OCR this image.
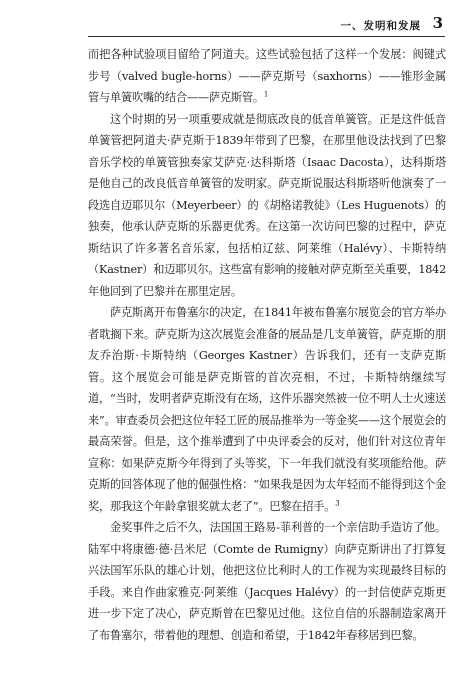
一、发明和发展 3

而把各种试验项目留给了阿道夫。这些试验包括了这样一个发展：阀键式步号（valved bugle-horns）——萨克斯号（saxhorns）——锥形金属管与单簧吹嘴的结合——萨克斯管。$^1$

这个时期的另一项重要成就是彻底改良的低音单簧管。正是这件低音单簧管把阿道夫·萨克斯于1839年带到了巴黎，在那里他设法找到了巴黎音乐学校的单簧管独奏家艾萨克·达科斯塔（Isaac Dacosta），达科斯塔是他自己的改良低音单簧管的发明家。萨克斯说服达科斯塔听他演奏了一段选自迈耶贝尔（Meyerbeer）的《胡格诺教徒》（Les Huguenots）的独奏，他承认萨克斯的乐器更优秀。在这第一次访问巴黎的过程中，萨克斯结识了许多著名音乐家，包括柏辽兹、阿莱维（Halévy）、卡斯特纳（Kastner）和迈耶贝尔。这些富有影响的接触对萨克斯至关重要，1842年他回到了巴黎并在那里定居。

萨克斯离开布鲁塞尔的决定，在1841年被布鲁塞尔展览会的官方举办者耽搁下来。萨克斯为这次展览会准备的展品是几支单簧管，萨克斯的朋友乔治斯·卡斯特纳（Georges Kastner）告诉我们，还有一支萨克斯管。这个展览会可能是萨克斯管的首次亮相，不过，卡斯特纳继续写道，“当时，发明者萨克斯没有在场，这件乐器突然被一位不明人士火速送来”。审查委员会把这位年轻工匠的展品推举为一等金奖——这个展览会的最高荣誉。但是，这个推举遭到了中央评委会的反对，他们针对这位青年宣称：如果萨克斯今年得到了头等奖，下一年我们就没有奖项能给他。萨克斯的回答体现了他的倔强性格：“如果我是因为太年轻而不能得到这个金奖，那我这个年龄拿银奖就太老了”。巴黎在招手。$^3$

金奖事件之后不久，法国国王路易-菲利普的一个亲信助手造访了他。陆军中将康德·德·吕米尼（Comte de Rumigny）向萨克斯讲出了打算复兴法国军乐队的雄心计划，他把这位比利时人的工作视为实现最终目标的手段。来自作曲家雅克·阿莱维（Jacques Halévy）的一封信使萨克斯更进一步下定了决心，萨克斯曾在巴黎见过他。这位自信的乐器制造家离开了布鲁塞尔，带着他的理想、创造和希望，于1842年春移居到巴黎。
